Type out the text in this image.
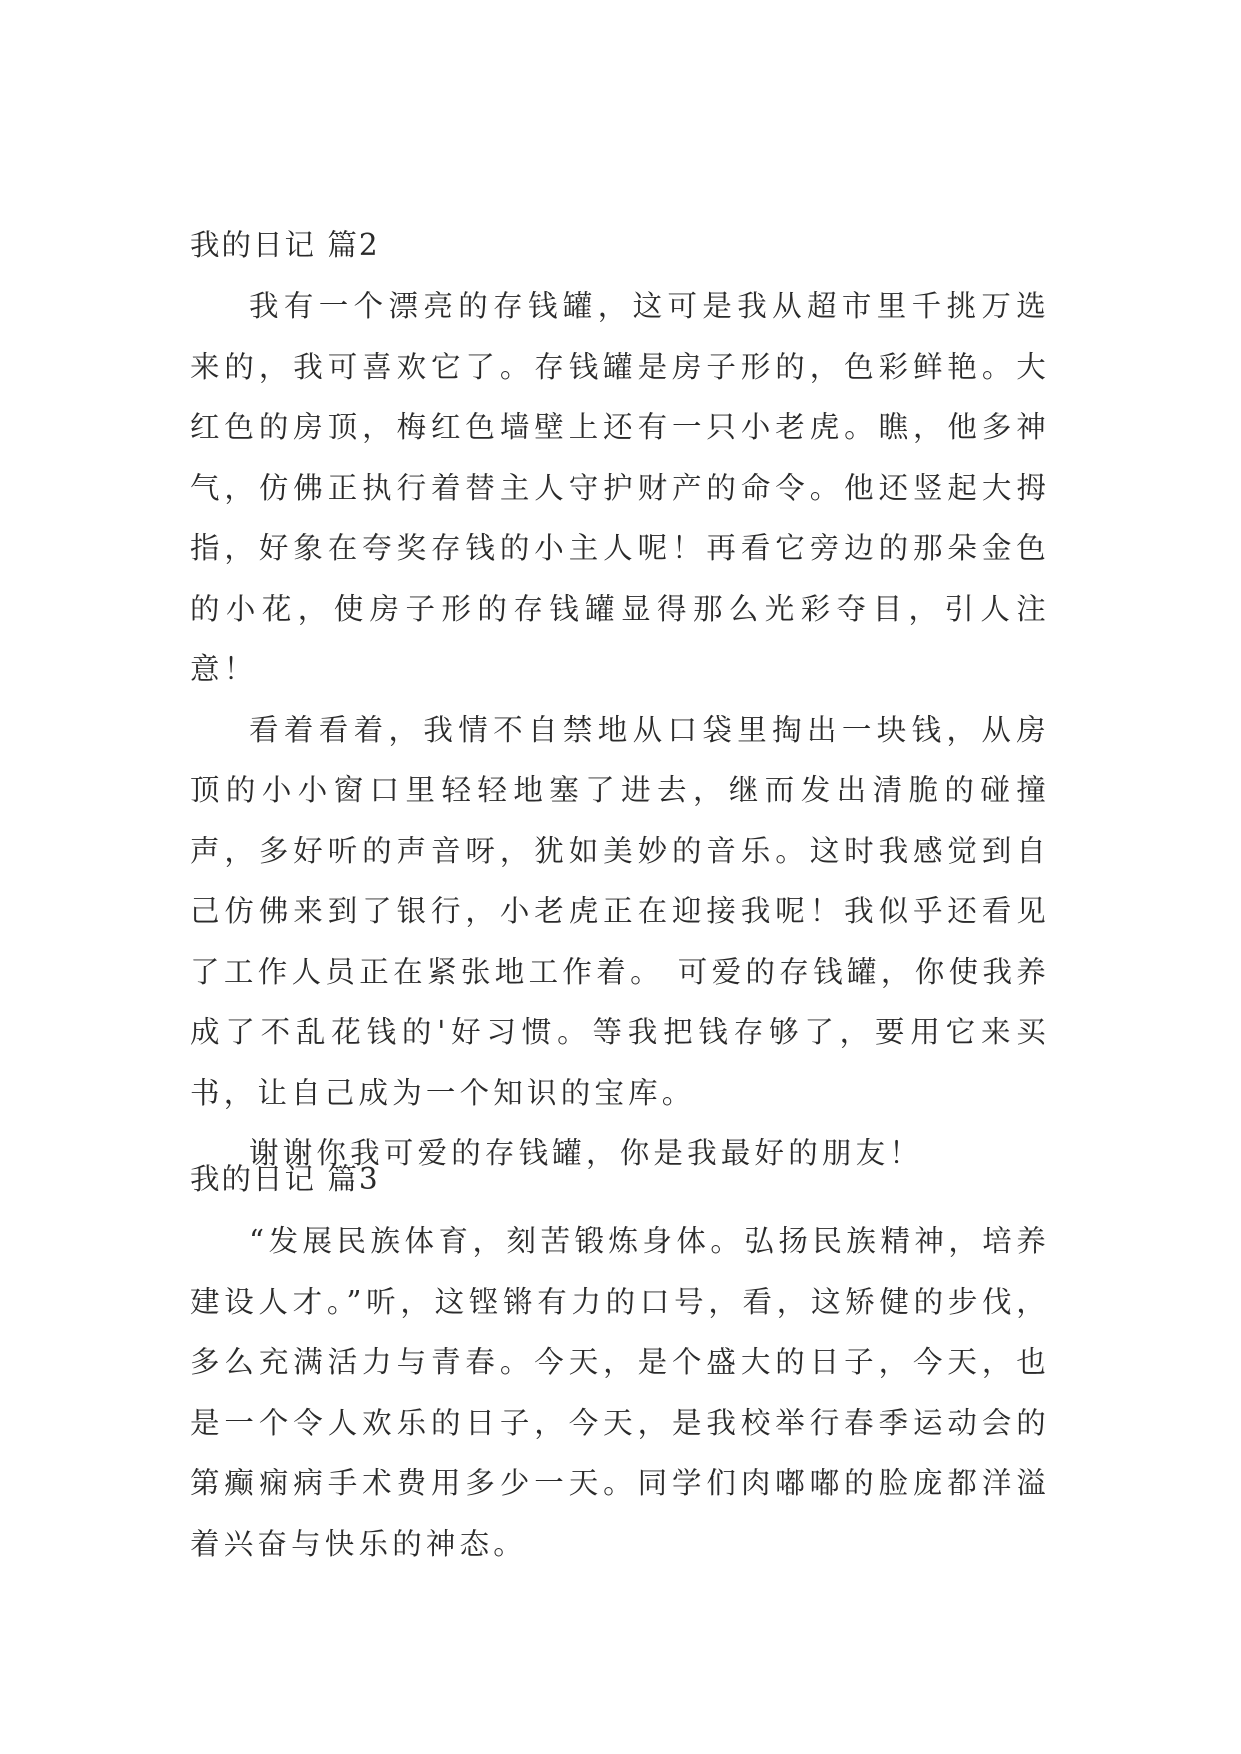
我的日记 篇2

我有一个漂亮的存钱罐，这可是我从超市里千挑万选来的，我可喜欢它了。存钱罐是房子形的，色彩鲜艳。大红色的房顶，梅红色墙壁上还有一只小老虎。瞧，他多神气，仿佛正执行着替主人守护财产的命令。他还竖起大拇指，好象在夸奖存钱的小主人呢！再看它旁边的那朵金色的小花，使房子形的存钱罐显得那么光彩夺目，引人注意！

看着看着，我情不自禁地从口袋里掏出一块钱，从房顶的小小窗口里轻轻地塞了进去，继而发出清脆的碰撞声，多好听的声音呀，犹如美妙的音乐。这时我感觉到自己仿佛来到了银行，小老虎正在迎接我呢！我似乎还看见了工作人员正在紧张地工作着。 可爱的存钱罐，你使我养成了不乱花钱的'好习惯。等我把钱存够了，要用它来买书，让自己成为一个知识的宝库。

谢谢你我可爱的存钱罐，你是我最好的朋友！

我的日记 篇3

“发展民族体育，刻苦锻炼身体。弘扬民族精神，培养建设人才。”听，这铿锵有力的口号，看，这矫健的步伐，多么充满活力与青春。今天，是个盛大的日子，今天，也是一个令人欢乐的日子，今天，是我校举行春季运动会的第癫痫病手术费用多少一天。同学们肉嘟嘟的脸庞都洋溢着兴奋与快乐的神态。
